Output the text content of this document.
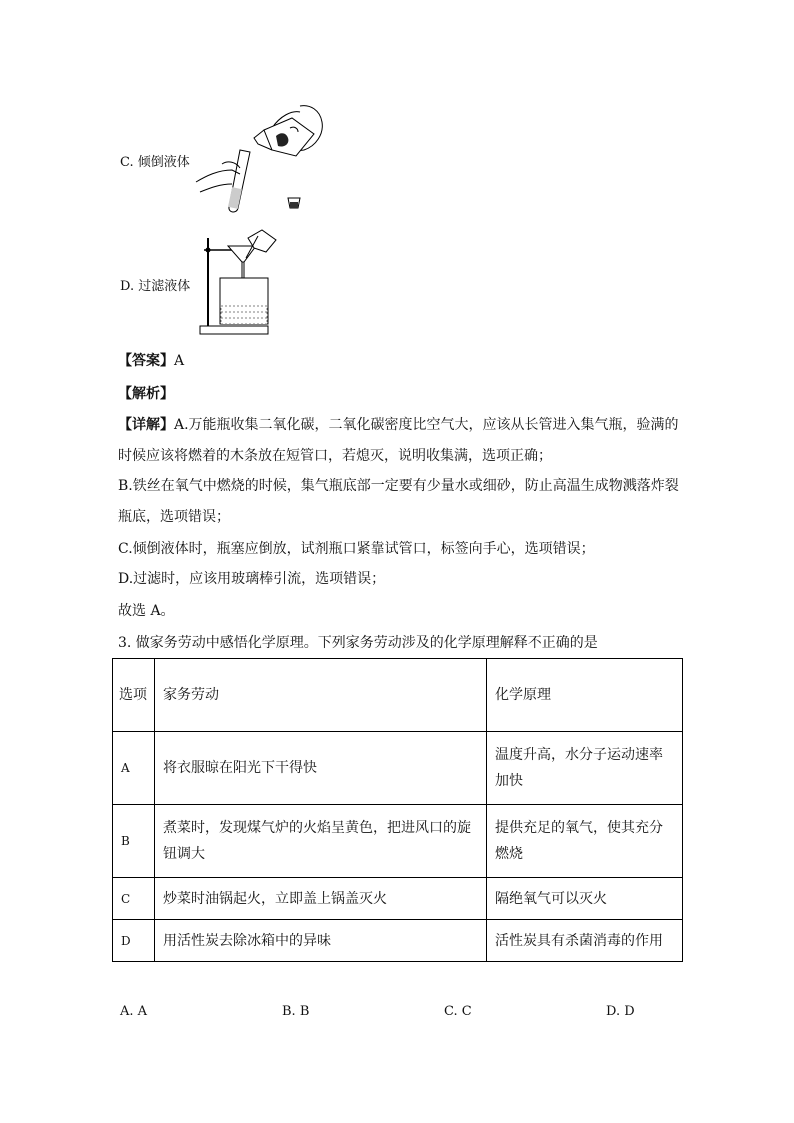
C. 倾倒液体
D. 过滤液体
【答案】A
【解析】
【详解】A.万能瓶收集二氧化碳，二氧化碳密度比空气大，应该从长管进入集气瓶，验满的
时候应该将燃着的木条放在短管口，若熄灭，说明收集满，选项正确；
B.铁丝在氧气中燃烧的时候，集气瓶底部一定要有少量水或细砂，防止高温生成物溅落炸裂
瓶底，选项错误；
C.倾倒液体时，瓶塞应倒放，试剂瓶口紧靠试管口，标签向手心，选项错误；
D.过滤时，应该用玻璃棒引流，选项错误；
故选 A。
3. 做家务劳动中感悟化学原理。下列家务劳动涉及的化学原理解释不正确的是
选项	家务劳动	化学原理
A	将衣服晾在阳光下干得快	温度升高，水分子运动速率加快
B	煮菜时，发现煤气炉的火焰呈黄色，把进风口的旋钮调大	提供充足的氧气，使其充分燃烧
C	炒菜时油锅起火，立即盖上锅盖灭火	隔绝氧气可以灭火
D	用活性炭去除冰箱中的异味	活性炭具有杀菌消毒的作用
A. A	B. B	C. C	D. D
